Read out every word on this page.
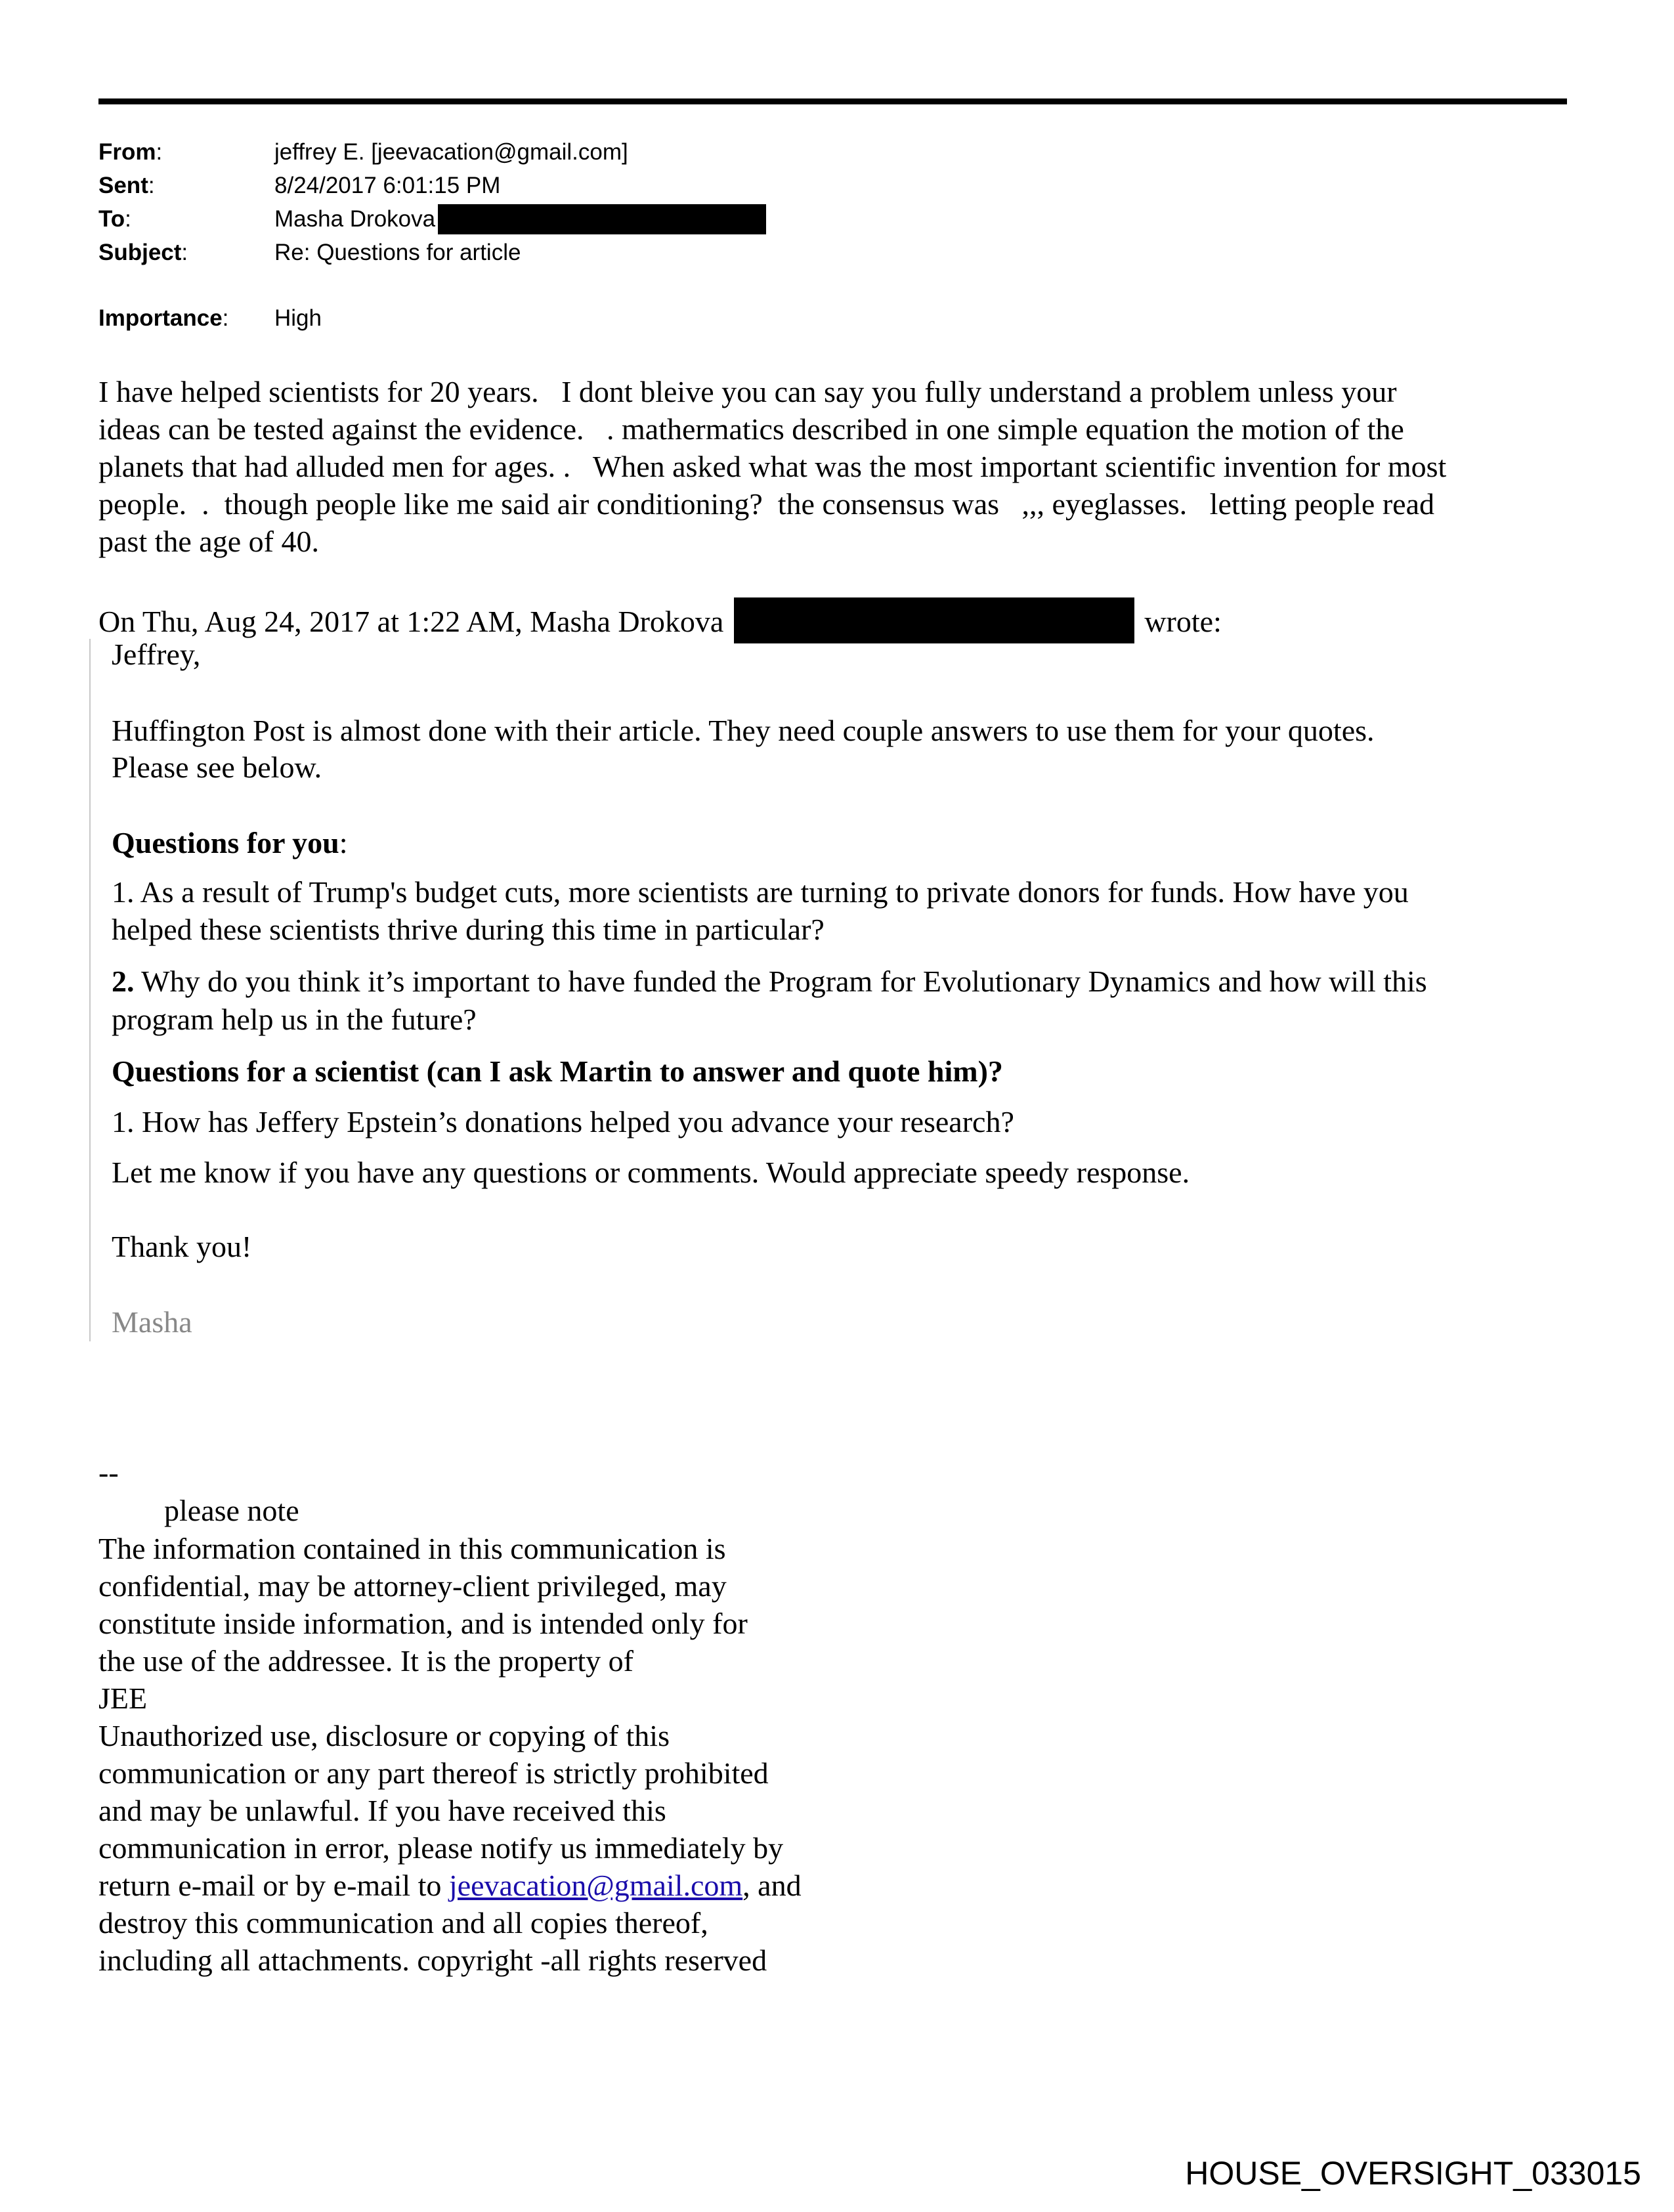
From:	jeffrey E. [jeevacation@gmail.com]
Sent:	8/24/2017 6:01:15 PM
To:	Masha Drokova
Subject:	Re: Questions for article
Importance: High
I have helped scientists for 20 years.   I dont bleive you can say you fully understand a problem unless your
ideas can be tested against the evidence.   . mathermatics described in one simple equation the motion of the
planets that had alluded men for ages. .   When asked what was the most important scientific invention for most
people.  .  though people like me said air conditioning?  the consensus was   ,,, eyeglasses.   letting people read
past the age of 40.
On Thu, Aug 24, 2017 at 1:22 AM, Masha Drokova	wrote:
Jeffrey,
Huffington Post is almost done with their article. They need couple answers to use them for your quotes.
Please see below.
Questions for you:
1. As a result of Trump's budget cuts, more scientists are turning to private donors for funds. How have you
helped these scientists thrive during this time in particular?
2. Why do you think it’s important to have funded the Program for Evolutionary Dynamics and how will this
program help us in the future?
Questions for a scientist (can I ask Martin to answer and quote him)?
1. How has Jeffery Epstein’s donations helped you advance your research?
Let me know if you have any questions or comments. Would appreciate speedy response.
Thank you!
Masha
--
please note
The information contained in this communication is
confidential, may be attorney-client privileged, may
constitute inside information, and is intended only for
the use of the addressee. It is the property of
JEE
Unauthorized use, disclosure or copying of this
communication or any part thereof is strictly prohibited
and may be unlawful. If you have received this
communication in error, please notify us immediately by
return e-mail or by e-mail to jeevacation@gmail.com, and
destroy this communication and all copies thereof,
including all attachments. copyright -all rights reserved
HOUSE_OVERSIGHT_033015
